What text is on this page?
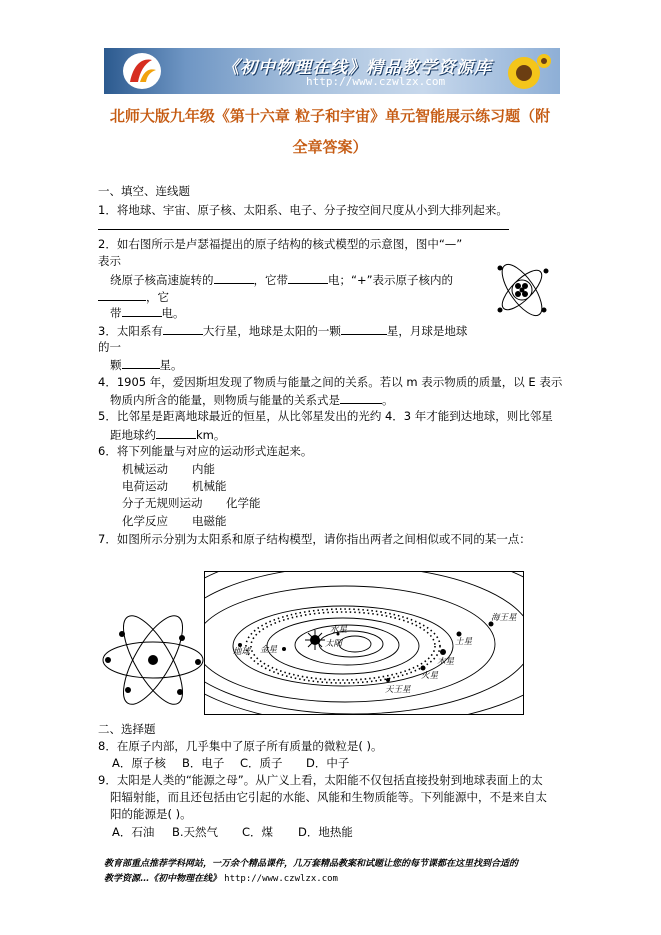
《初中物理在线》精品教学资源库
http://www.czwlzx.com
北师大版九年级《第十六章 粒子和宇宙》单元智能展示练习题（附
全章答案）
一、填空、连线题
1．将地球、宇宙、原子核、太阳系、电子、分子按空间尺度从小到大排列起来。
2．如右图所示是卢瑟福提出的原子结构的核式模型的示意图，图中“—”
表示
绕原子核高速旋转的	，它带	电；“+”表示原子核内的
，它
带	电。
3．太阳系有	大行星，地球是太阳的一颗	星，月球是地球
的一
颗	星。
4．1905 年，爱因斯坦发现了物质与能量之间的关系。若以 m 表示物质的质量，以 E 表示
物质内所含的能量，则物质与能量的关系式是	。
5．比邻星是距离地球最近的恒星，从比邻星发出的光约 4．3 年才能到达地球，则比邻星
距地球约	km。
6．将下列能量与对应的运动形式连起来。
机械运动 内能
电荷运动 机械能
分子无规则运动 化学能
化学反应 电磁能
7．如图所示分别为太阳系和原子结构模型，请你指出两者之间相似或不同的某一点：
太阳
水星
金星
地球
火星
木星
土星
天王星
海王星
二、选择题
8．在原子内部，几乎集中了原子所有质量的微粒是( )。
A．原子核 B．电子 C．质子 D．中子
9．太阳是人类的“能源之母”。从广义上看，太阳能不仅包括直接投射到地球表面上的太
阳辐射能，而且还包括由它引起的水能、风能和生物质能等。下列能源中，不是来自太
阳的能源是( )。
A．石油 B.天然气 C．煤 D．地热能
教育部重点推荐学科网站，一万余个精品课件，几万套精品教案和试题让您的每节课都在这里找到合适的
教学资源…《初中物理在线》 http://www.czwlzx.com
